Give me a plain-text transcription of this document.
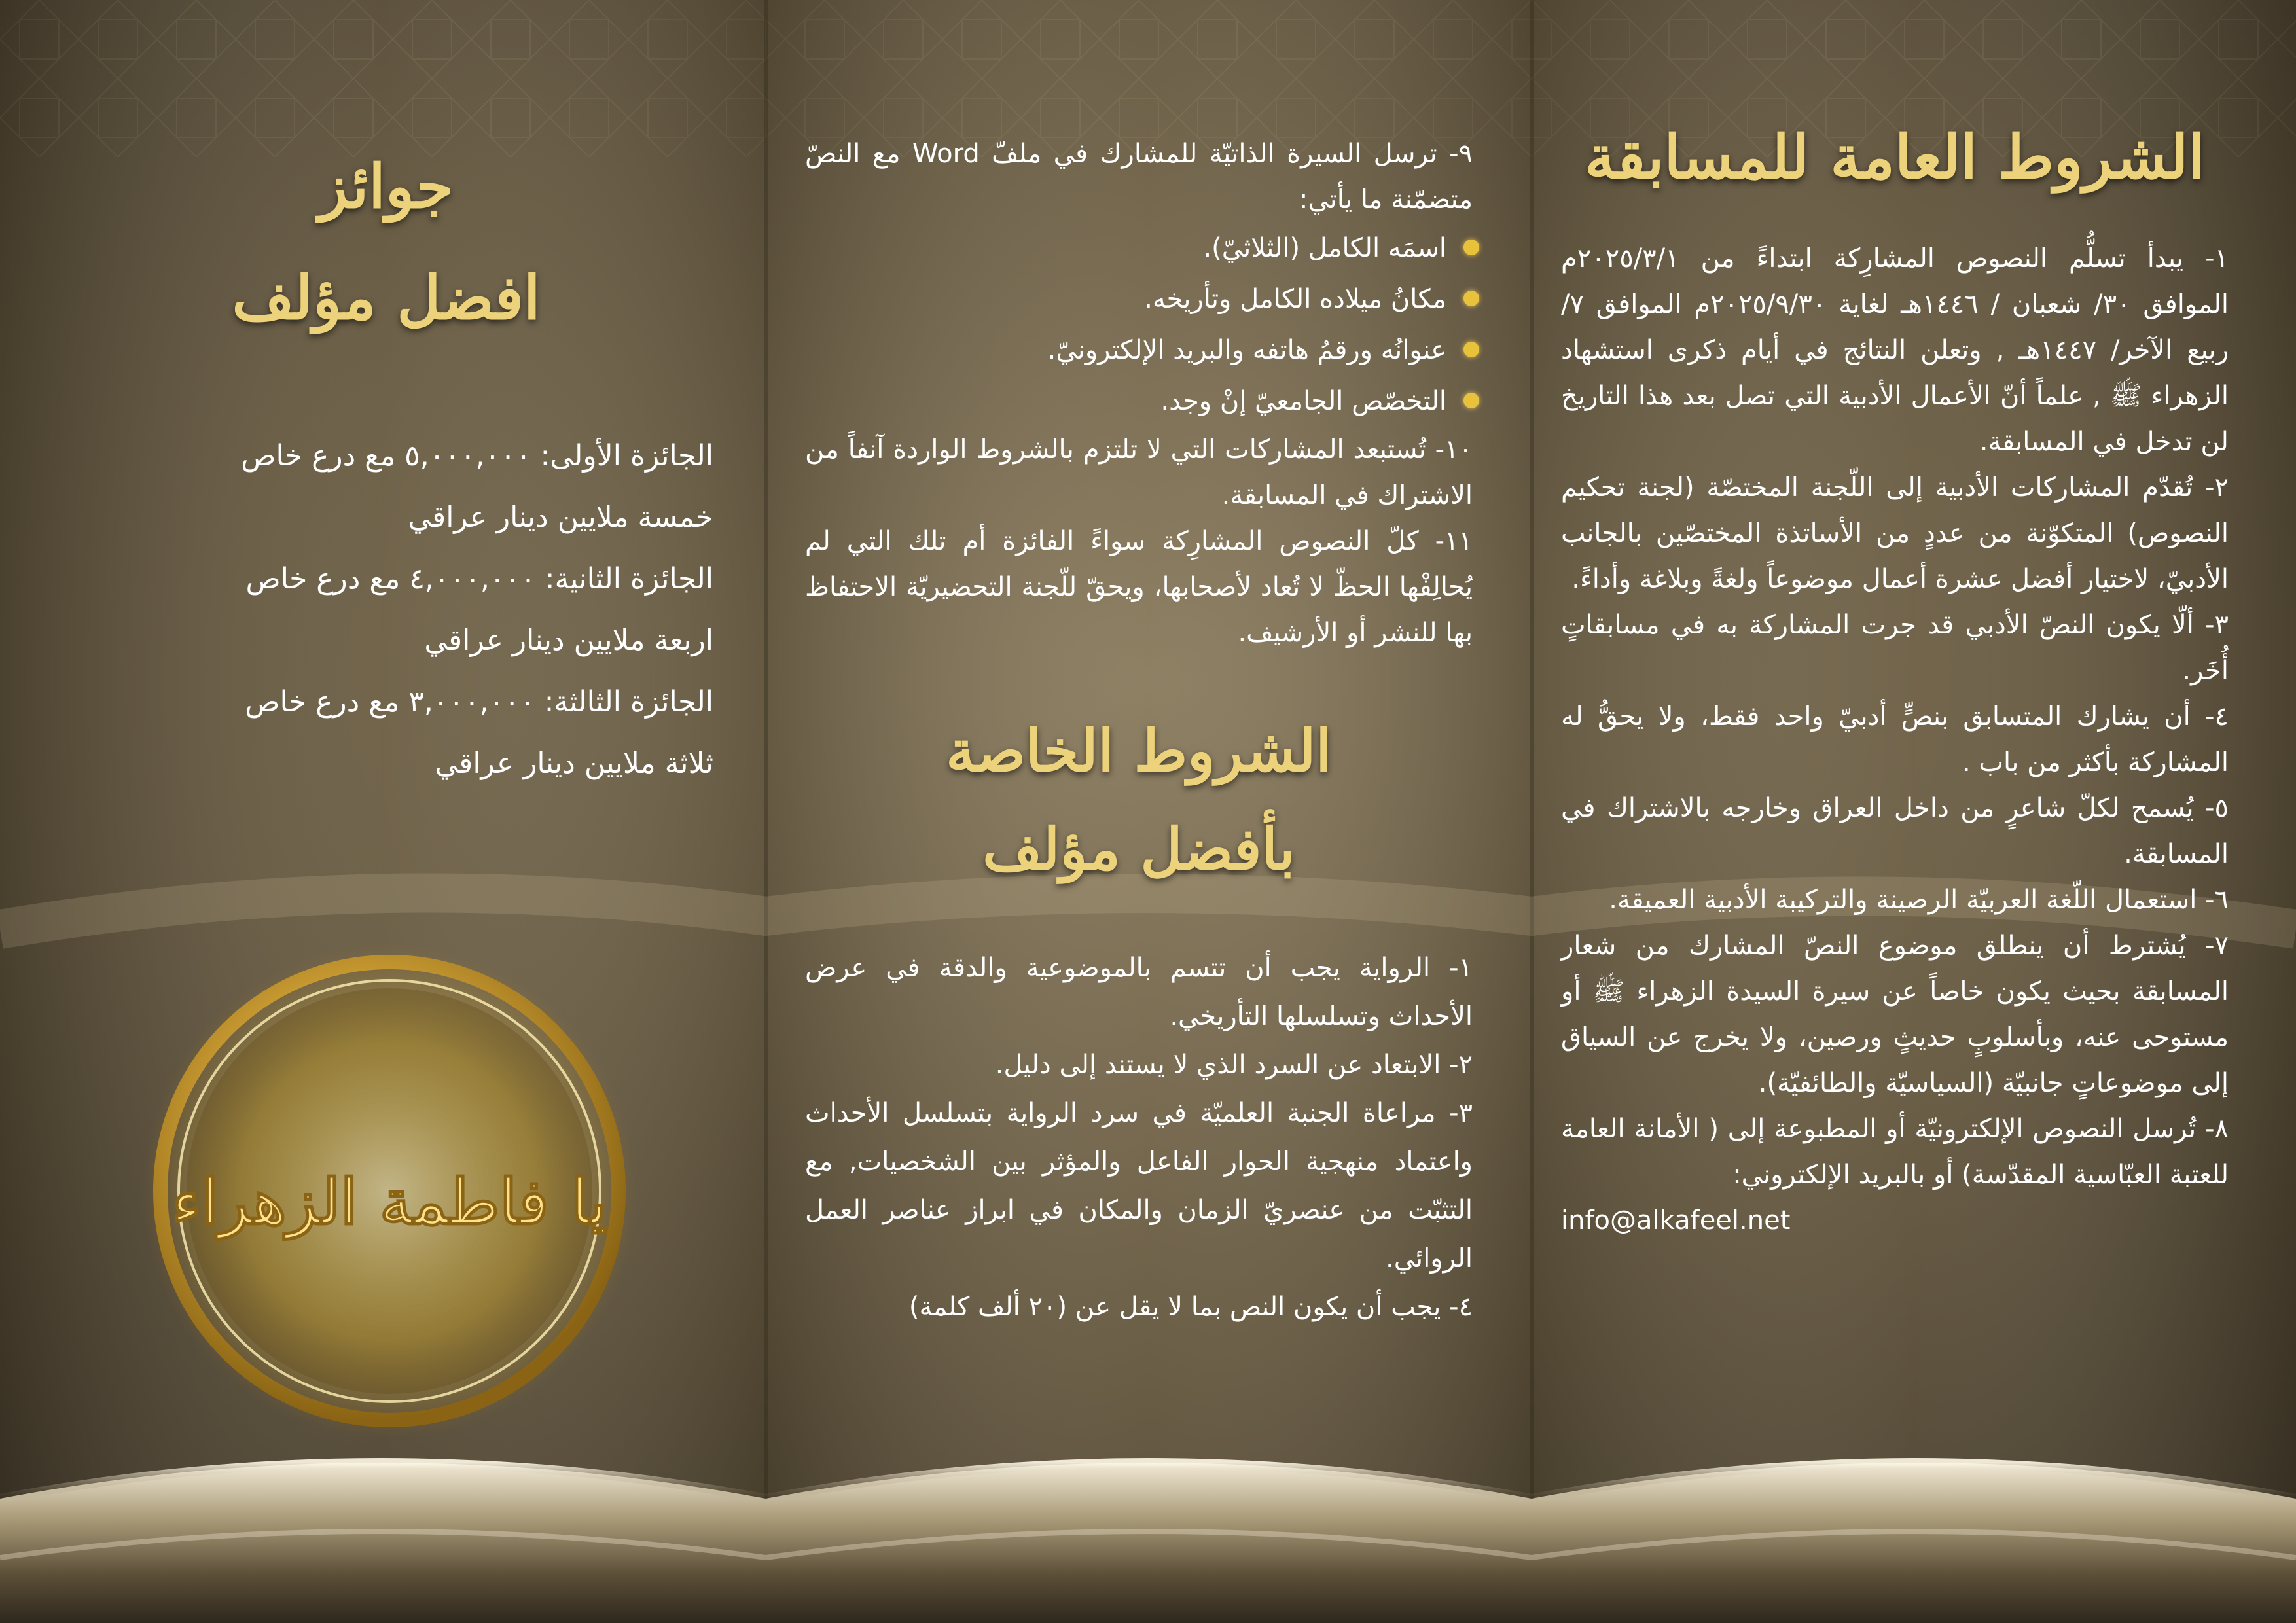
الشروط العامة للمسابقة

١- يبدأ تسلُّم النصوص المشارِكة ابتداءً من ٢٠٢٥/٣/١م الموافق ٣٠/ شعبان / ١٤٤٦هـ لغاية ٢٠٢٥/٩/٣٠م الموافق ٧/ربيع الآخر/ ١٤٤٧هـ , وتعلن النتائج في أيام ذكرى استشهاد الزهراء ﷺ , علماً أنّ الأعمال الأدبية التي تصل بعد هذا التاريخ لن تدخل في المسابقة.

٢- تُقدّم المشاركات الأدبية إلى اللّجنة المختصّة (لجنة تحكيم النصوص) المتكوّنة من عددٍ من الأساتذة المختصّين بالجانب الأدبيّ، لاختيار أفضل عشرة أعمال موضوعاً ولغةً وبلاغة وأداءً.

٣- ألّا يكون النصّ الأدبي قد جرت المشاركة به في مسابقاتٍ أُخَر.

٤- أن يشارك المتسابق بنصٍّ أدبيّ واحد فقط، ولا يحقُّ له المشاركة بأكثر من باب .

٥- يُسمح لكلّ شاعرٍ من داخل العراق وخارجه بالاشتراك في المسابقة.

٦- استعمال اللّغة العربيّة الرصينة والتركيبة الأدبية العميقة.

٧- يُشترط أن ينطلق موضوع النصّ المشارك من شعار المسابقة بحيث يكون خاصاً عن سيرة السيدة الزهراء ﷺ أو مستوحى عنه، وبأسلوبٍ حديثٍ ورصين، ولا يخرج عن السياق إلى موضوعاتٍ جانبيّة (السياسيّة والطائفيّة).

٨- تُرسل النصوص الإلكترونيّة أو المطبوعة إلى ( الأمانة العامة للعتبة العبّاسية المقدّسة) أو بالبريد الإلكتروني:

info@alkafeel.net

٩- ترسل السيرة الذاتيّة للمشارك في ملفّ Word مع النصّ متضمّنة ما يأتي:

اسمَه الكامل (الثلاثيّ).
مكانُ ميلاده الكامل وتأريخه.
عنوانُه ورقمُ هاتفه والبريد الإلكترونيّ.
التخصّص الجامعيّ إنْ وجد.

١٠- تُستبعد المشاركات التي لا تلتزم بالشروط الواردة آنفاً من الاشتراك في المسابقة.

١١- كلّ النصوص المشارِكة سواءً الفائزة أم تلك التي لم يُحالِفْها الحظّ لا تُعاد لأصحابها، ويحقّ للّجنة التحضيريّة الاحتفاظ بها للنشر أو الأرشيف.

الشروط الخاصة
بأفضل مؤلف

١- الرواية يجب أن تتسم بالموضوعية والدقة في عرض الأحداث وتسلسلها التأريخي.

٢- الابتعاد عن السرد الذي لا يستند إلى دليل.

٣- مراعاة الجنبة العلميّة في سرد الرواية بتسلسل الأحداث واعتماد منهجية الحوار الفاعل والمؤثر بين الشخصيات, مع التثبّت من عنصريّ الزمان والمكان في ابراز عناصر العمل الروائي.

٤- يجب أن يكون النص بما لا يقل عن (٢٠ ألف كلمة)

جوائز
افضل مؤلف

الجائزة الأولى: ٥,٠٠٠,٠٠٠ مع درع خاص

خمسة ملايين دينار عراقي

الجائزة الثانية: ٤,٠٠٠,٠٠٠ مع درع خاص

اربعة ملايين دينار عراقي

الجائزة الثالثة: ٣,٠٠٠,٠٠٠ مع درع خاص

ثلاثة ملايين دينار عراقي

يا فاطمة الزهراء
